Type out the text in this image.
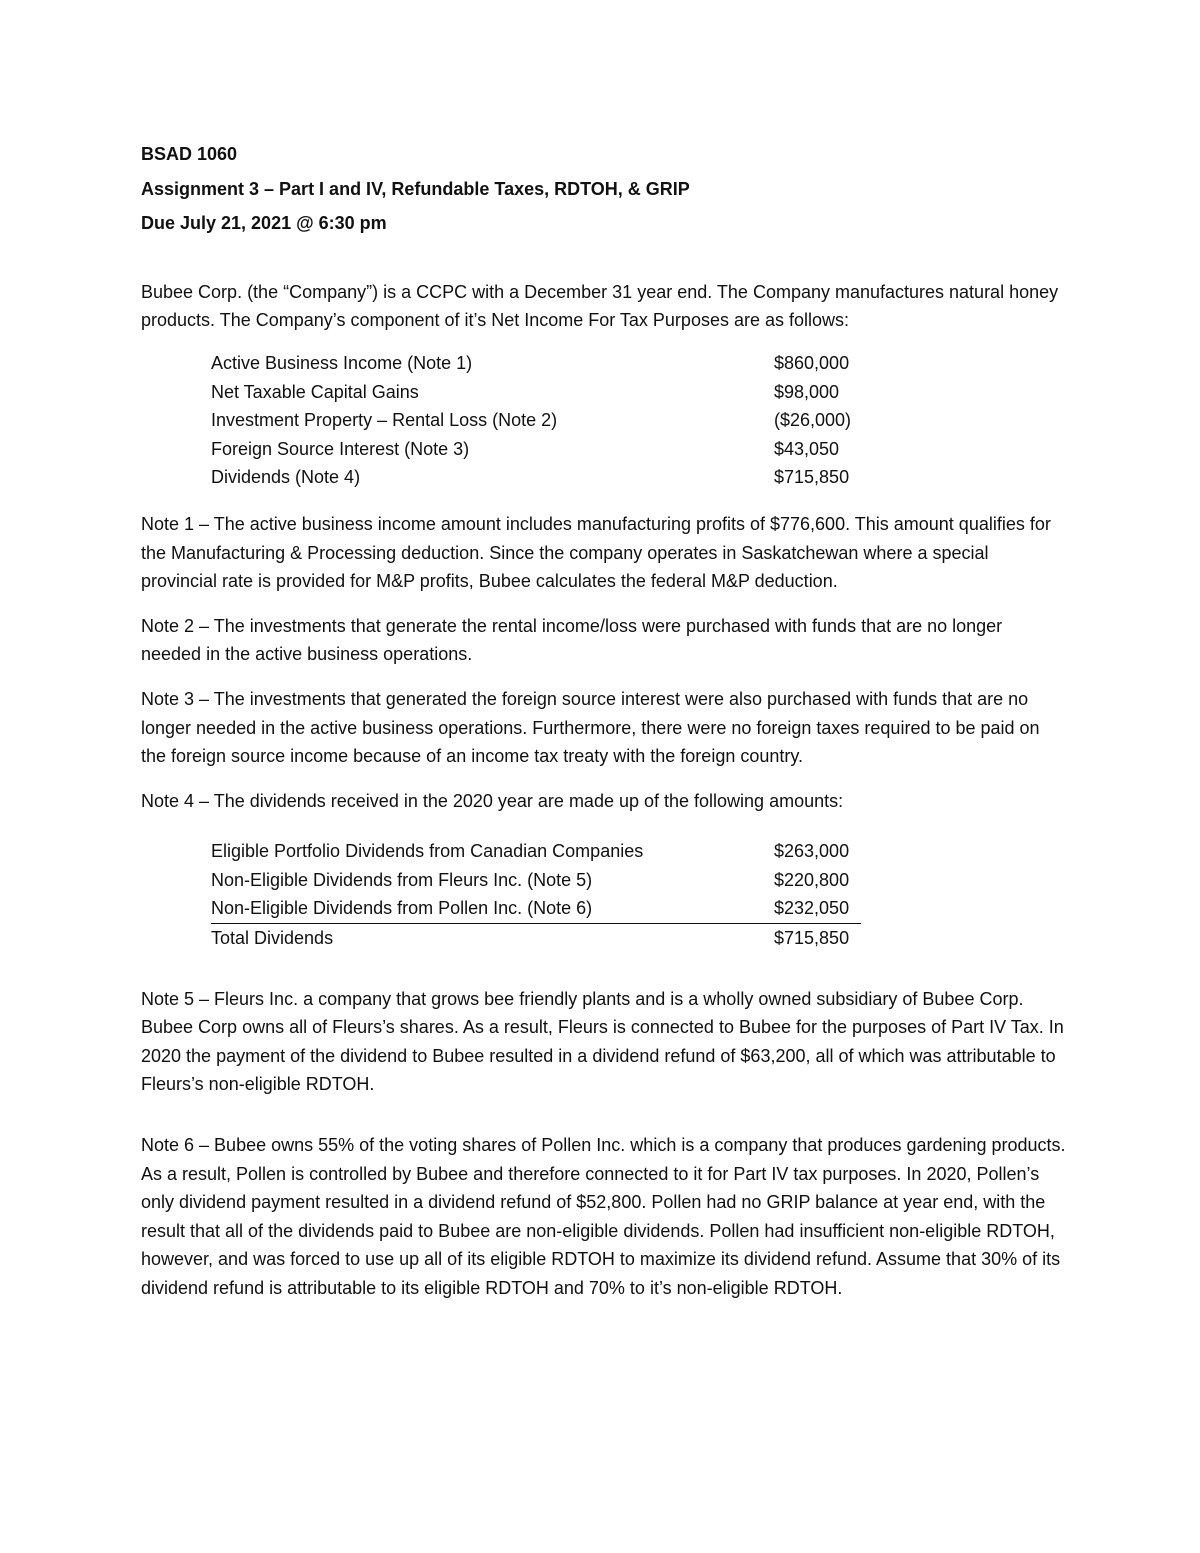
BSAD 1060

Assignment 3 – Part I and IV, Refundable Taxes, RDTOH, & GRIP

Due July 21, 2021 @ 6:30 pm

Bubee Corp. (the “Company”) is a CCPC with a December 31 year end. The Company manufactures natural honey products. The Company’s component of it’s Net Income For Tax Purposes are as follows:

Active Business Income (Note 1)	$860,000
Net Taxable Capital Gains	$98,000
Investment Property – Rental Loss (Note 2)	($26,000)
Foreign Source Interest (Note 3)	$43,050
Dividends (Note 4)	$715,850

Note 1 – The active business income amount includes manufacturing profits of $776,600. This amount qualifies for the Manufacturing & Processing deduction. Since the company operates in Saskatchewan where a special provincial rate is provided for M&P profits, Bubee calculates the federal M&P deduction.

Note 2 – The investments that generate the rental income/loss were purchased with funds that are no longer needed in the active business operations.

Note 3 – The investments that generated the foreign source interest were also purchased with funds that are no longer needed in the active business operations. Furthermore, there were no foreign taxes required to be paid on the foreign source income because of an income tax treaty with the foreign country.

Note 4 – The dividends received in the 2020 year are made up of the following amounts:

Eligible Portfolio Dividends from Canadian Companies	$263,000
Non-Eligible Dividends from Fleurs Inc. (Note 5)	$220,800
Non-Eligible Dividends from Pollen Inc. (Note 6)	$232,050
Total Dividends	$715,850

Note 5 – Fleurs Inc. a company that grows bee friendly plants and is a wholly owned subsidiary of Bubee Corp. Bubee Corp owns all of Fleurs’s shares. As a result, Fleurs is connected to Bubee for the purposes of Part IV Tax. In 2020 the payment of the dividend to Bubee resulted in a dividend refund of $63,200, all of which was attributable to Fleurs’s non-eligible RDTOH.

Note 6 – Bubee owns 55% of the voting shares of Pollen Inc. which is a company that produces gardening products. As a result, Pollen is controlled by Bubee and therefore connected to it for Part IV tax purposes. In 2020, Pollen’s only dividend payment resulted in a dividend refund of $52,800. Pollen had no GRIP balance at year end, with the result that all of the dividends paid to Bubee are non-eligible dividends. Pollen had insufficient non-eligible RDTOH, however, and was forced to use up all of its eligible RDTOH to maximize its dividend refund. Assume that 30% of its dividend refund is attributable to its eligible RDTOH and 70% to it’s non-eligible RDTOH.
